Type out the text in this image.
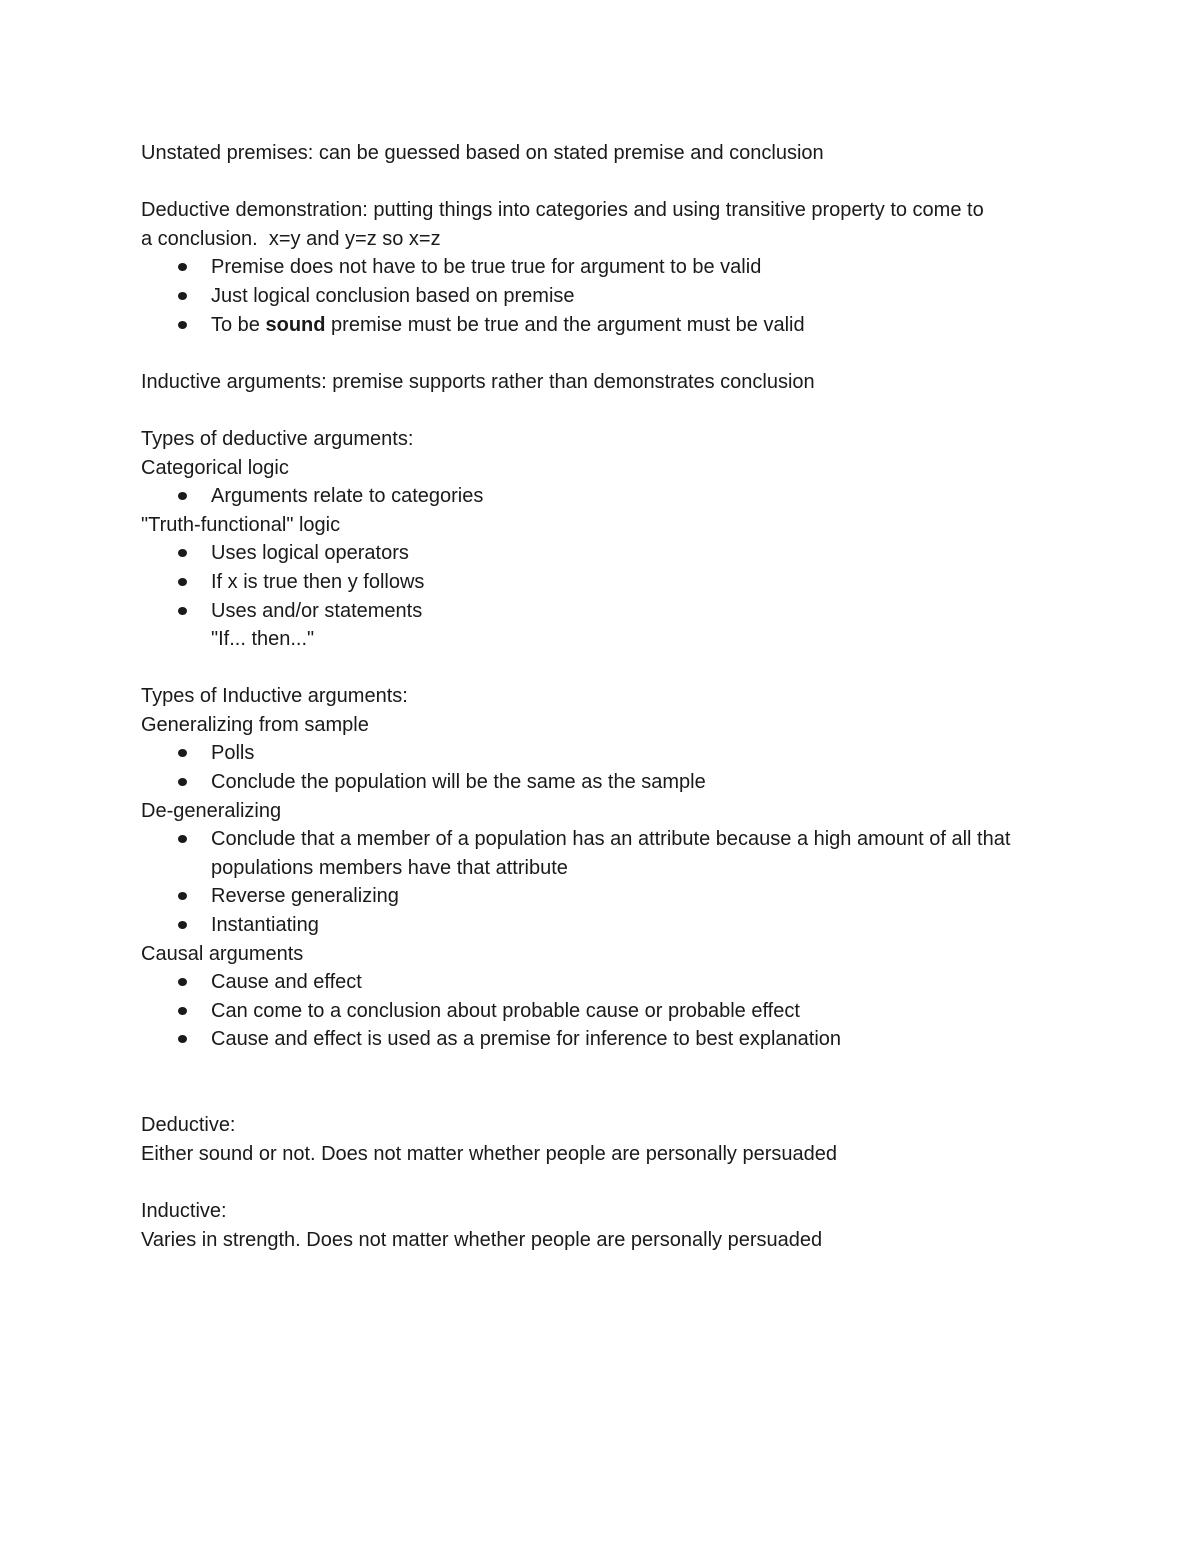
Unstated premises: can be guessed based on stated premise and conclusion

Deductive demonstration: putting things into categories and using transitive property to come to

a conclusion.  x=y and y=z so x=z

Premise does not have to be true true for argument to be valid
Just logical conclusion based on premise
To be sound premise must be true and the argument must be valid

Inductive arguments: premise supports rather than demonstrates conclusion

Types of deductive arguments:

Categorical logic

Arguments relate to categories

"Truth-functional" logic

Uses logical operators
If x is true then y follows
Uses and/or statements
"If... then..."

Types of Inductive arguments:

Generalizing from sample

Polls
Conclude the population will be the same as the sample

De-generalizing

Conclude that a member of a population has an attribute because a high amount of all that populations members have that attribute
Reverse generalizing
Instantiating

Causal arguments

Cause and effect
Can come to a conclusion about probable cause or probable effect
Cause and effect is used as a premise for inference to best explanation

Deductive:

Either sound or not. Does not matter whether people are personally persuaded

Inductive:

Varies in strength. Does not matter whether people are personally persuaded
